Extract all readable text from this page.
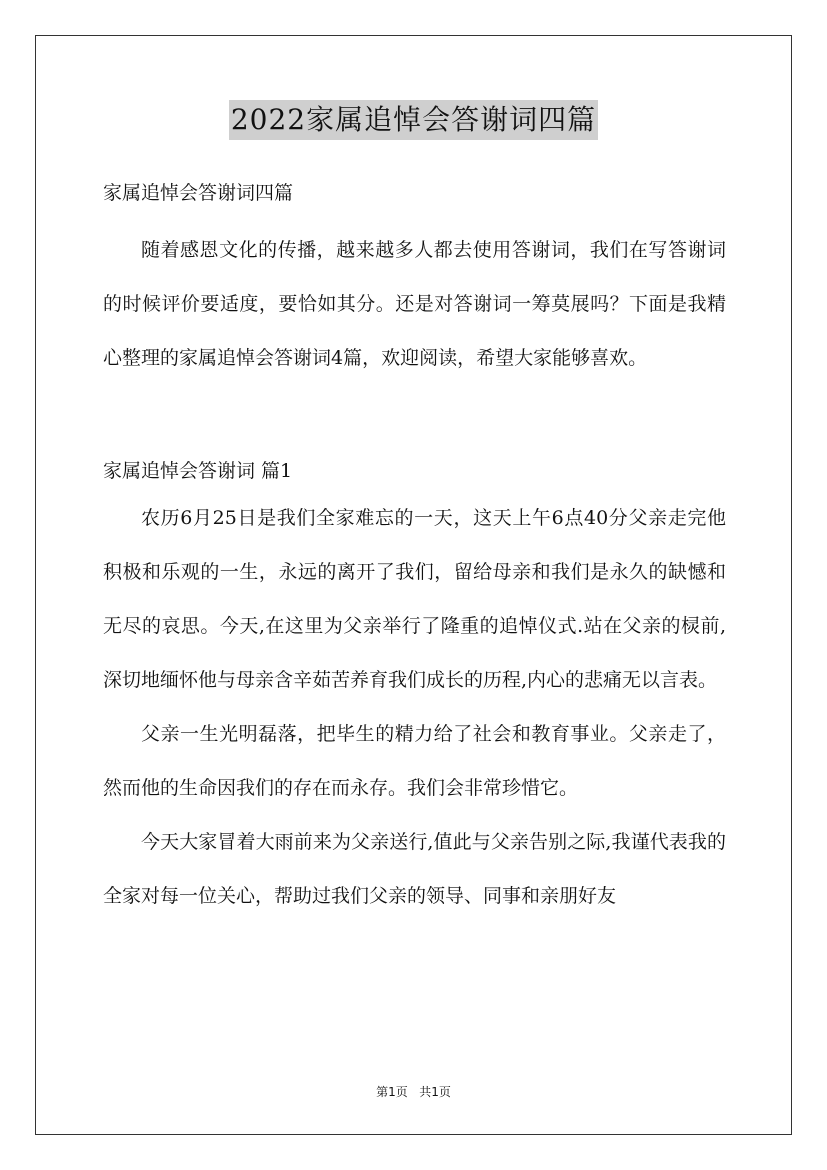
2022家属追悼会答谢词四篇

家属追悼会答谢词四篇

随着感恩文化的传播，越来越多人都去使用答谢词，我们在写答谢词的时候评价要适度，要恰如其分。还是对答谢词一筹莫展吗？下面是我精心整理的家属追悼会答谢词4篇，欢迎阅读，希望大家能够喜欢。

家属追悼会答谢词 篇1

农历6月25日是我们全家难忘的一天，这天上午6点40分父亲走完他积极和乐观的一生，永远的离开了我们，留给母亲和我们是永久的缺憾和无尽的哀思。今天,在这里为父亲举行了隆重的追悼仪式.站在父亲的棂前,深切地缅怀他与母亲含辛茹苦养育我们成长的历程,内心的悲痛无以言表。

父亲一生光明磊落，把毕生的精力给了社会和教育事业。父亲走了，然而他的生命因我们的存在而永存。我们会非常珍惜它。

今天大家冒着大雨前来为父亲送行,值此与父亲告别之际,我谨代表我的全家对每一位关心，帮助过我们父亲的领导、同事和亲朋好友

第1页 共1页
